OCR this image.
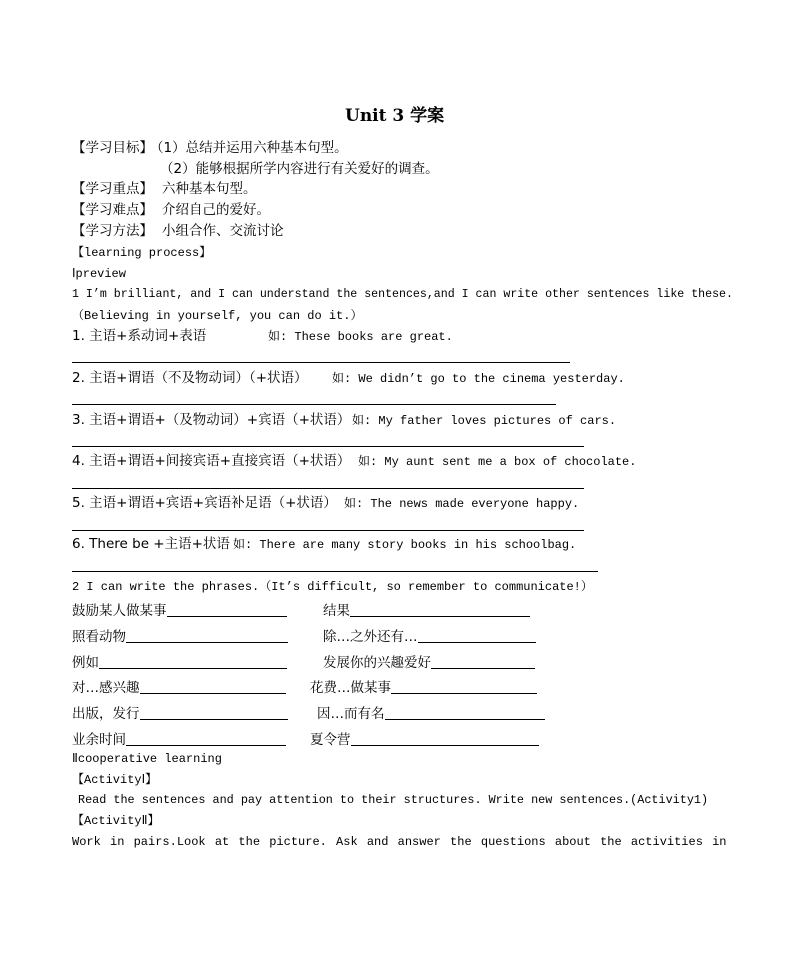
Unit 3 学案
【学习目标】
（1）总结并运用六种基本句型。
（2）能够根据所学内容进行有关爱好的调查。
【学习重点】 六种基本句型。
【学习难点】 介绍自己的爱好。
【学习方法】 小组合作、交流讨论
【learning process】
Ⅰpreview
1 I’m brilliant, and I can understand the sentences,and I can write other sentences like these.
（Believing in yourself, you can do it.）
1. 主语+系动词+表语	如: These books are great.
2. 主语+谓语（不及物动词）（+状语） 如: We didn’t go to the cinema yesterday.
3. 主语+谓语+（及物动词）+宾语（+状语） 如: My father loves pictures of cars.
4. 主语+谓语+间接宾语+直接宾语（+状语） 如: My aunt sent me a box of chocolate.
5. 主语+谓语+宾语+宾语补足语（+状语） 如: The news made everyone happy.
6. There be +主语+状语 如: There are many story books in his schoolbag.
2 I can write the phrases.（It’s difficult, so remember to communicate!）
鼓励某人做某事
照看动物
例如
对…感兴趣
出版，发行
业余时间
结果
除…之外还有…
发展你的兴趣爱好
花费…做某事
因…而有名
夏令营
Ⅱcooperative learning
【ActivityⅠ】
Read the sentences and pay attention to their structures. Write new sentences.(Activity1)
【ActivityⅡ】
Work in pairs.Look at the picture. Ask and answer the questions about the activities in
